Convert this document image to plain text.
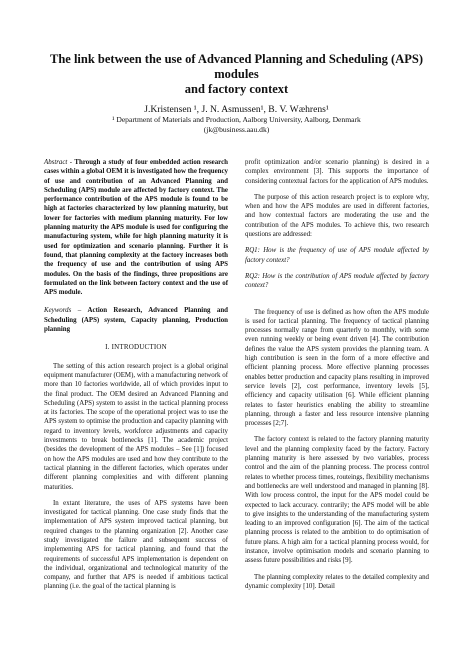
The link between the use of Advanced Planning and Scheduling (APS) modules
and factory context
J.Kristensen ¹, J. N. Asmussen¹, B. V. Wæhrens¹
¹ Department of Materials and Production, Aalborg University, Aalborg, Denmark
(jk@business.aau.dk)
Abstract - Through a study of four embedded action research cases within a global OEM it is investigated how the frequency of use and contribution of an Advanced Planning and Scheduling (APS) module are affected by factory context. The performance contribution of the APS module is found to be high at factories characterized by low planning maturity, but lower for factories with medium planning maturity. For low planning maturity the APS module is used for configuring the manufacturing system, while for high planning maturity it is used for optimization and scenario planning. Further it is found, that planning complexity at the factory increases both the frequency of use and the contribution of using APS modules. On the basis of the findings, three propositions are formulated on the link between factory context and the use of APS module.
Keywords – Action Research, Advanced Planning and Scheduling (APS) system, Capacity planning, Production planning
I. INTRODUCTION

The setting of this action research project is a global original equipment manufacturer (OEM), with a manufacturing network of more than 10 factories worldwide, all of which provides input to the final product. The OEM desired an Advanced Planning and Scheduling (APS) system to assist in the tactical planning process at its factories. The scope of the operational project was to use the APS system to optimise the production and capacity planning with regard to inventory levels, workforce adjustments and capacity investments to break bottlenecks [1]. The academic project (besides the development of the APS modules – See [1]) focused on how the APS modules are used and how they contribute to the tactical planning in the different factories, which operates under different planning complexities and with different planning maturities.

In extant literature, the uses of APS systems have been investigated for tactical planning. One case study finds that the implementation of APS system improved tactical planning, but required changes to the planning organization [2]. Another case study investigated the failure and subsequent success of implementing APS for tactical planning, and found that the requirements of successful APS implementation is dependent on the individual, organizational and technological maturity of the company, and further that APS is needed if ambitious tactical planning (i.e. the goal of the tactical planning is

profit optimization and/or scenario planning) is desired in a complex environment [3]. This supports the importance of considering contextual factors for the application of APS modules.

The purpose of this action research project is to explore why, when and how the APS modules are used in different factories, and how contextual factors are moderating the use and the contribution of the APS modules. To achieve this, two research questions are addressed:

RQ1: How is the frequency of use of APS module affected by factory context?
RQ2: How is the contribution of APS module affected by factory context?

The frequency of use is defined as how often the APS module is used for tactical planning. The frequency of tactical planning processes normally range from quarterly to monthly, with some even running weekly or being event driven [4]. The contribution defines the value the APS system provides the planning team. A high contribution is seen in the form of a more effective and efficient planning process. More effective planning processes enables better production and capacity plans resulting in improved service levels [2], cost performance, inventory levels [5], efficiency and capacity utilisation [6]. While efficient planning relates to faster heuristics enabling the ability to streamline planning, through a faster and less resource intensive planning processes [2;7].

The factory context is related to the factory planning maturity level and the planning complexity faced by the factory. Factory planning maturity is here assessed by two variables, process control and the aim of the planning process. The process control relates to whether process times, routeings, flexibility mechanisms and bottlenecks are well understood and managed in planning [8]. With low process control, the input for the APS model could be expected to lack accuracy. contrarily; the APS model will be able to give insights to the understanding of the manufacturing system leading to an improved configuration [6]. The aim of the tactical planning process is related to the ambition to do optimisation of future plans. A high aim for a tactical planning process would, for instance, involve optimisation models and scenario planning to assess future possibilities and risks [9].

The planning complexity relates to the detailed complexity and dynamic complexity [10]. Detail
